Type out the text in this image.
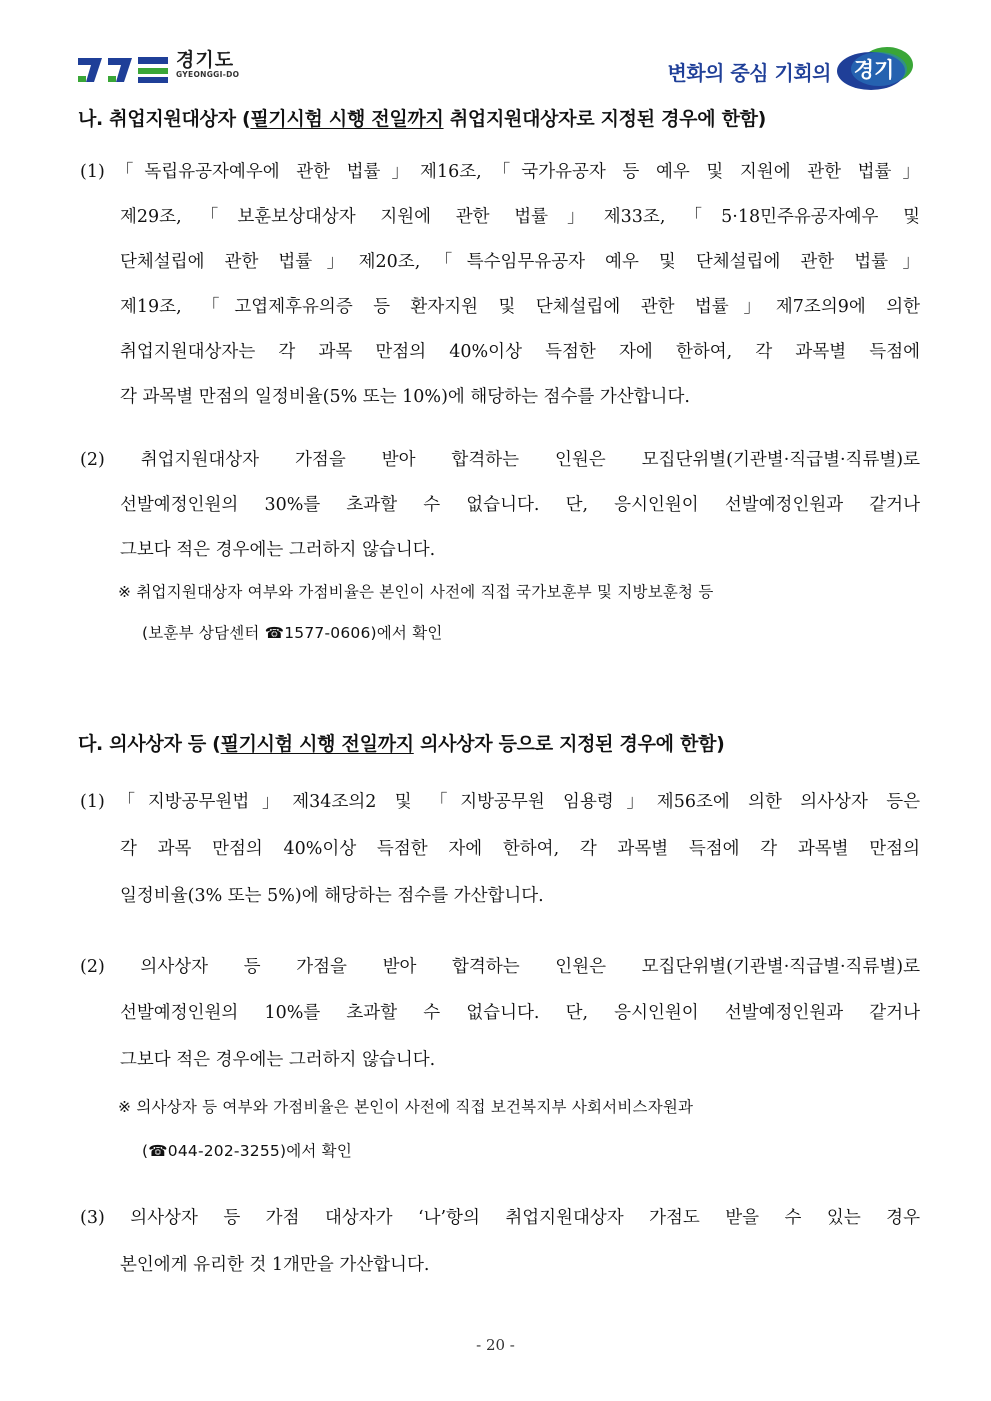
경기도
GYEONGGI-DO	변화의 중심 기회의	경기
나. 취업지원대상자 (필기시험 시행 전일까지 취업지원대상자로 지정된 경우에 한함)
(1)「독립유공자예우에 관한 법률」제16조,「국가유공자 등 예우 및 지원에 관한 법률」
제29조,「보훈보상대상자 지원에 관한 법률」제33조,「5·18민주유공자예우 및
단체설립에 관한 법률」제20조,「특수임무유공자 예우 및 단체설립에 관한 법률」
제19조, 「고엽제후유의증 등 환자지원 및 단체설립에 관한 법률」제7조의9에 의한
취업지원대상자는 각 과목 만점의 40%이상 득점한 자에 한하여, 각 과목별 득점에
각 과목별 만점의 일정비율(5% 또는 10%)에 해당하는 점수를 가산합니다.
(2) 취업지원대상자 가점을 받아 합격하는 인원은 모집단위별(기관별·직급별·직류별)로
선발예정인원의 30%를 초과할 수 없습니다. 단, 응시인원이 선발예정인원과 같거나
그보다 적은 경우에는 그러하지 않습니다.
※ 취업지원대상자 여부와 가점비율은 본인이 사전에 직접 국가보훈부 및 지방보훈청 등
(보훈부 상담센터 ☎1577-0606)에서 확인
다. 의사상자 등 (필기시험 시행 전일까지 의사상자 등으로 지정된 경우에 한함)
(1)「지방공무원법」제34조의2 및 「지방공무원 임용령」제56조에 의한 의사상자 등은
각 과목 만점의 40%이상 득점한 자에 한하여, 각 과목별 득점에 각 과목별 만점의
일정비율(3% 또는 5%)에 해당하는 점수를 가산합니다.
(2) 의사상자 등 가점을 받아 합격하는 인원은 모집단위별(기관별·직급별·직류별)로
선발예정인원의 10%를 초과할 수 없습니다. 단, 응시인원이 선발예정인원과 같거나
그보다 적은 경우에는 그러하지 않습니다.
※ 의사상자 등 여부와 가점비율은 본인이 사전에 직접 보건복지부 사회서비스자원과
(☎044-202-3255)에서 확인
(3) 의사상자 등 가점 대상자가 ‘나’항의 취업지원대상자 가점도 받을 수 있는 경우
본인에게 유리한 것 1개만을 가산합니다.
- 20 -
